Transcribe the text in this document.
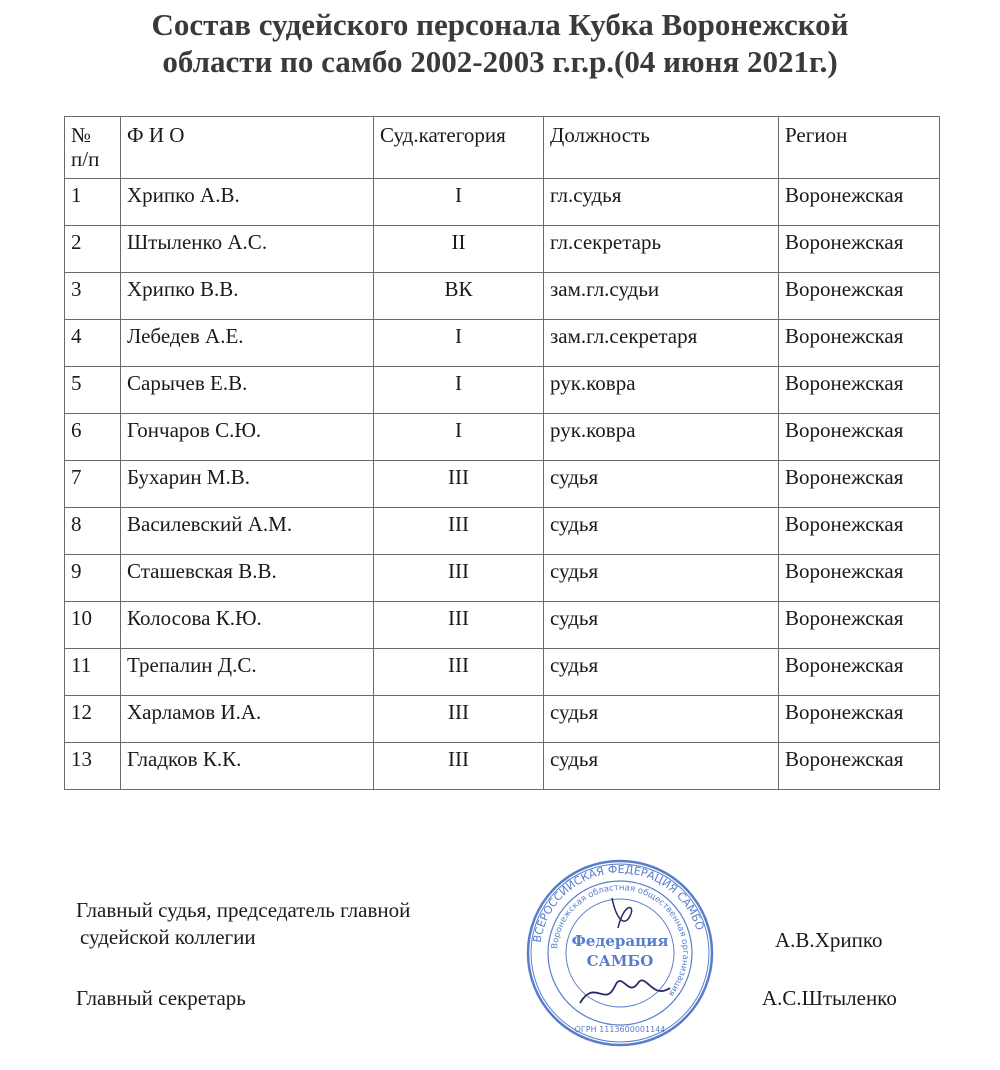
Состав судейского персонала Кубка Воронежской
области по самбо 2002-2003 г.г.р.(04 июня 2021г.)
№
п/п	Ф И О	Суд.категория	Должность	Регион
1	Хрипко А.В.	I	гл.судья	Воронежская
2	Штыленко А.С.	II	гл.секретарь	Воронежская
3	Хрипко В.В.	ВК	зам.гл.судьи	Воронежская
4	Лебедев А.Е.	I	зам.гл.секретаря	Воронежская
5	Сарычев Е.В.	I	рук.ковра	Воронежская
6	Гончаров С.Ю.	I	рук.ковра	Воронежская
7	Бухарин М.В.	III	судья	Воронежская
8	Василевский А.М.	III	судья	Воронежская
9	Сташевская В.В.	III	судья	Воронежская
10	Колосова К.Ю.	III	судья	Воронежская
11	Трепалин Д.С.	III	судья	Воронежская
12	Харламов И.А.	III	судья	Воронежская
13	Гладков К.К.	III	судья	Воронежская
Главный судья, председатель главной
судейской коллегии	А.В.Хрипко
Главный секретарь	А.С.Штыленко
ВСЕРОССИЙСКАЯ ФЕДЕРАЦИЯ САМБО
Воронежская областная общественная организация
Федерация
САМБО
ОГРН 1113600001144
